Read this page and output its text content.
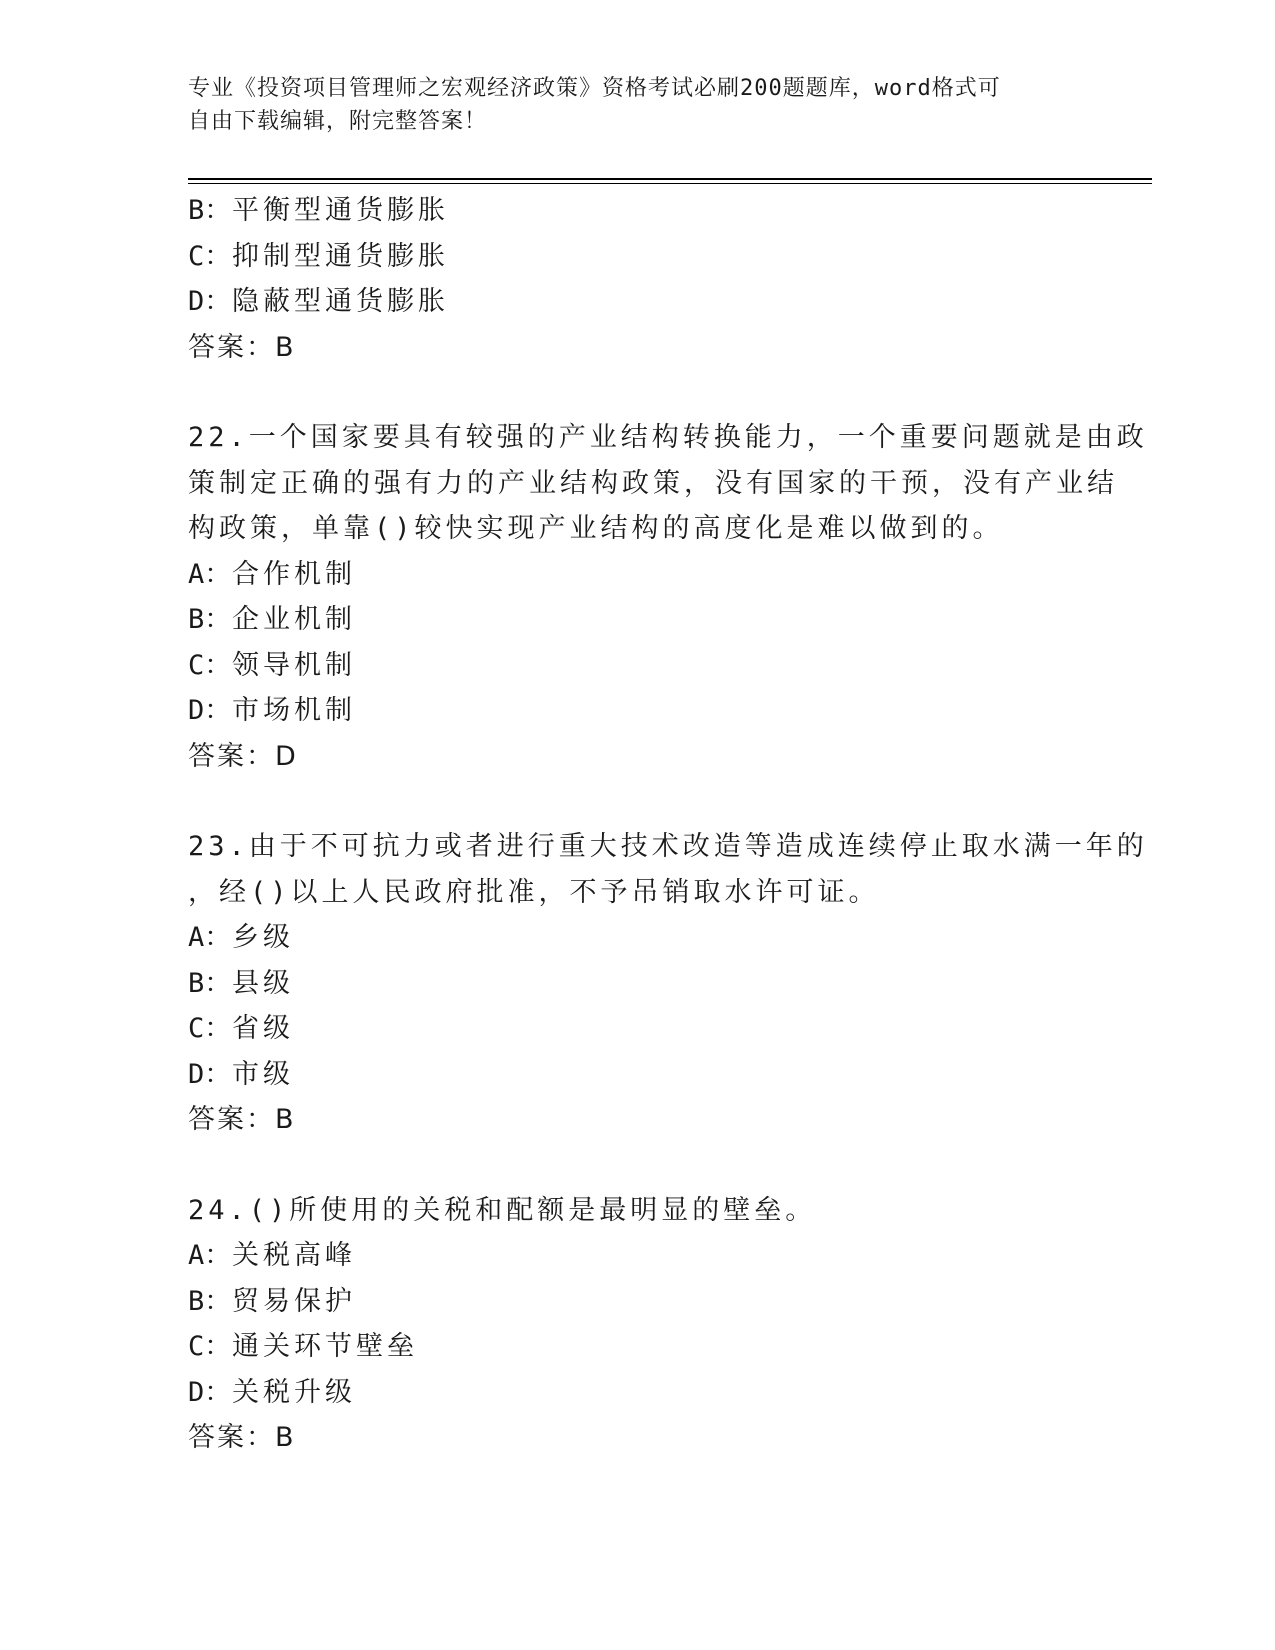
专业《投资项目管理师之宏观经济政策》资格考试必刷200题题库，word格式可
自由下载编辑，附完整答案！
B：平衡型通货膨胀
C：抑制型通货膨胀
D：隐蔽型通货膨胀
答案：B
22.一个国家要具有较强的产业结构转换能力，一个重要问题就是由政
策制定正确的强有力的产业结构政策，没有国家的干预，没有产业结
构政策，单靠()较快实现产业结构的高度化是难以做到的。
A：合作机制
B：企业机制
C：领导机制
D：市场机制
答案：D
23.由于不可抗力或者进行重大技术改造等造成连续停止取水满一年的
，经()以上人民政府批准，不予吊销取水许可证。
A：乡级
B：县级
C：省级
D：市级
答案：B
24.()所使用的关税和配额是最明显的壁垒。
A：关税高峰
B：贸易保护
C：通关环节壁垒
D：关税升级
答案：B
